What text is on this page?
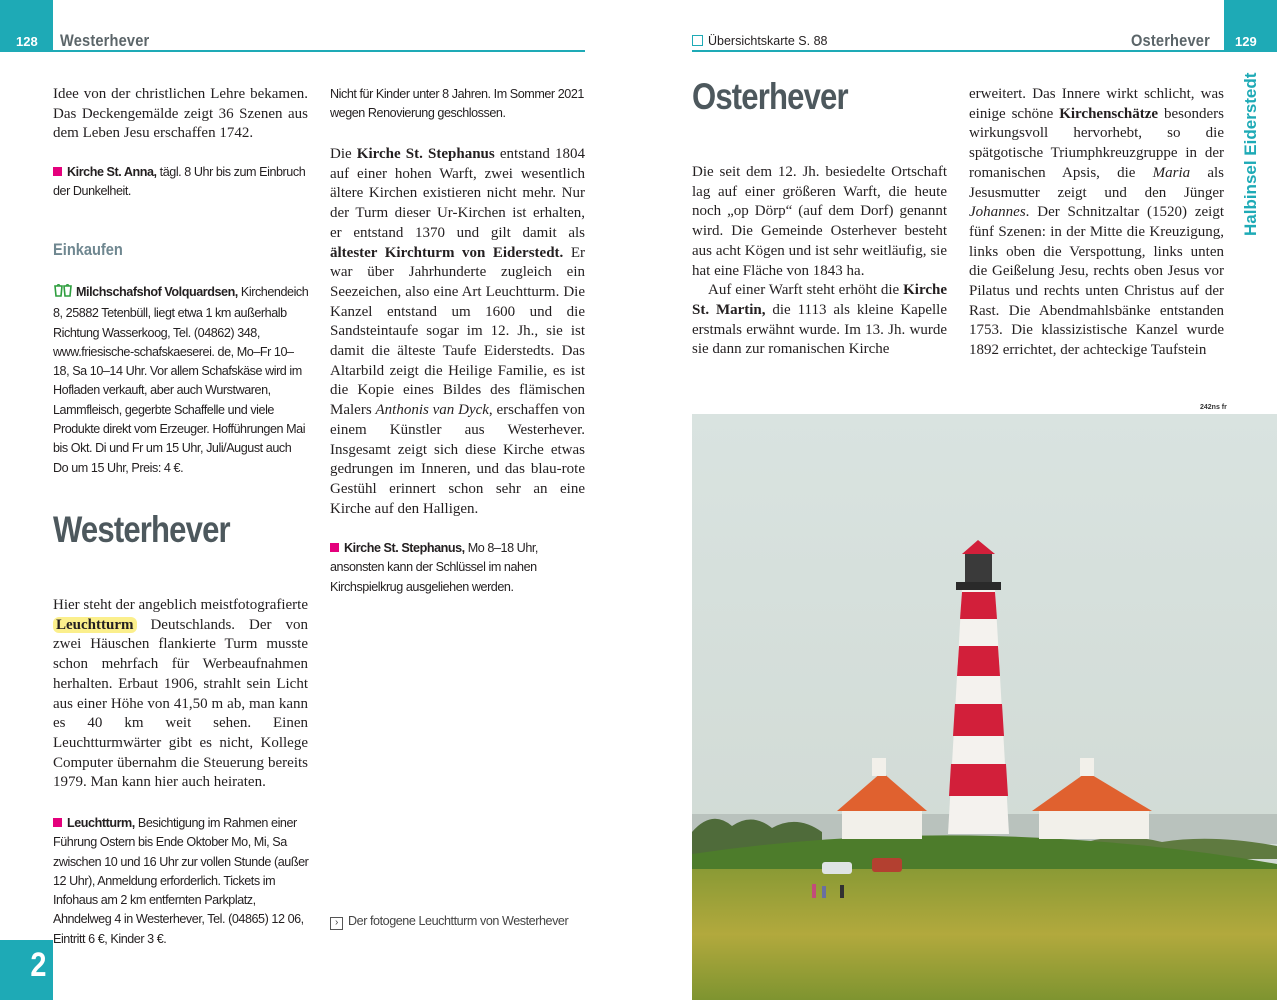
128 Westerhever

Idee von der christlichen Lehre bekamen. Das Deckengemälde zeigt 36 Szenen aus dem Leben Jesu erschaffen 1742.

Kirche St. Anna, tägl. 8 Uhr bis zum Einbruch der Dunkelheit.
Einkaufen
Milchschafshof Volquardsen, Kirchendeich 8, 25882 Tetenbüll, liegt etwa 1 km außerhalb Richtung Wasserkoog, Tel. (04862) 348, www.friesische-schafskaeserei. de, Mo–Fr 10–18, Sa 10–14 Uhr. Vor allem Schafskäse wird im Hofladen verkauft, aber auch Wurstwaren, Lammfleisch, gegerbte Schaffelle und viele Produkte direkt vom Erzeuger. Hofführungen Mai bis Okt. Di und Fr um 15 Uhr, Juli/August auch Do um 15 Uhr, Preis: 4 €.
Westerhever

Hier steht der angeblich meistfotografierte Leuchtturm Deutschlands. Der von zwei Häuschen flankierte Turm musste schon mehrfach für Werbeaufnahmen herhalten. Erbaut 1906, strahlt sein Licht aus einer Höhe von 41,50 m ab, man kann es 40 km weit sehen. Einen Leuchtturmwärter gibt es nicht, Kollege Computer übernahm die Steuerung bereits 1979. Man kann hier auch heiraten.

Leuchtturm, Besichtigung im Rahmen einer Führung Ostern bis Ende Oktober Mo, Mi, Sa zwischen 10 und 16 Uhr zur vollen Stunde (außer 12 Uhr), Anmeldung erforderlich. Tickets im Infohaus am 2 km entfernten Parkplatz, Ahndelweg 4 in Westerhever, Tel. (04865) 12 06, Eintritt 6 €, Kinder 3 €.
Nicht für Kinder unter 8 Jahren. Im Sommer 2021 wegen Renovierung geschlossen.

Die Kirche St. Stephanus entstand 1804 auf einer hohen Warft, zwei wesentlich ältere Kirchen existieren nicht mehr. Nur der Turm dieser Ur-Kirchen ist erhalten, er entstand 1370 und gilt damit als ältester Kirchturm von Eiderstedt. Er war über Jahrhunderte zugleich ein Seezeichen, also eine Art Leuchtturm. Die Kanzel entstand um 1600 und die Sandsteintaufe sogar im 12. Jh., sie ist damit die älteste Taufe Eiderstedts. Das Altarbild zeigt die Heilige Familie, es ist die Kopie eines Bildes des flämischen Malers Anthonis van Dyck, erschaffen von einem Künstler aus Westerhever. Insgesamt zeigt sich diese Kirche etwas gedrungen im Inneren, und das blau-rote Gestühl erinnert schon sehr an eine Kirche auf den Halligen.

Kirche St. Stephanus, Mo 8–18 Uhr, ansonsten kann der Schlüssel im nahen Kirchspielkrug ausgeliehen werden.
› Der fotogene Leuchtturm von Westerhever
2
Übersichtskarte S. 88	Osterhever 129
Halbinsel Eiderstedt
Osterhever

Die seit dem 12. Jh. besiedelte Ortschaft lag auf einer größeren Warft, die heute noch „op Dörp“ (auf dem Dorf) genannt wird. Die Gemeinde Osterhever besteht aus acht Kögen und ist sehr weitläufig, sie hat eine Fläche von 1843 ha.

Auf einer Warft steht erhöht die Kirche St. Martin, die 1113 als kleine Kapelle erstmals erwähnt wurde. Im 13. Jh. wurde sie dann zur romanischen Kirche

erweitert. Das Innere wirkt schlicht, was einige schöne Kirchenschätze besonders wirkungsvoll hervorhebt, so die spätgotische Triumphkreuzgruppe in der romanischen Apsis, die Maria als Jesusmutter zeigt und den Jünger Johannes. Der Schnitzaltar (1520) zeigt fünf Szenen: in der Mitte die Kreuzigung, links oben die Verspottung, links unten die Geißelung Jesu, rechts oben Jesus vor Pilatus und rechts unten Christus auf der Rast. Die Abendmahlsbänke entstanden 1753. Die klassizistische Kanzel wurde 1892 errichtet, der achteckige Taufstein

242ns fr
